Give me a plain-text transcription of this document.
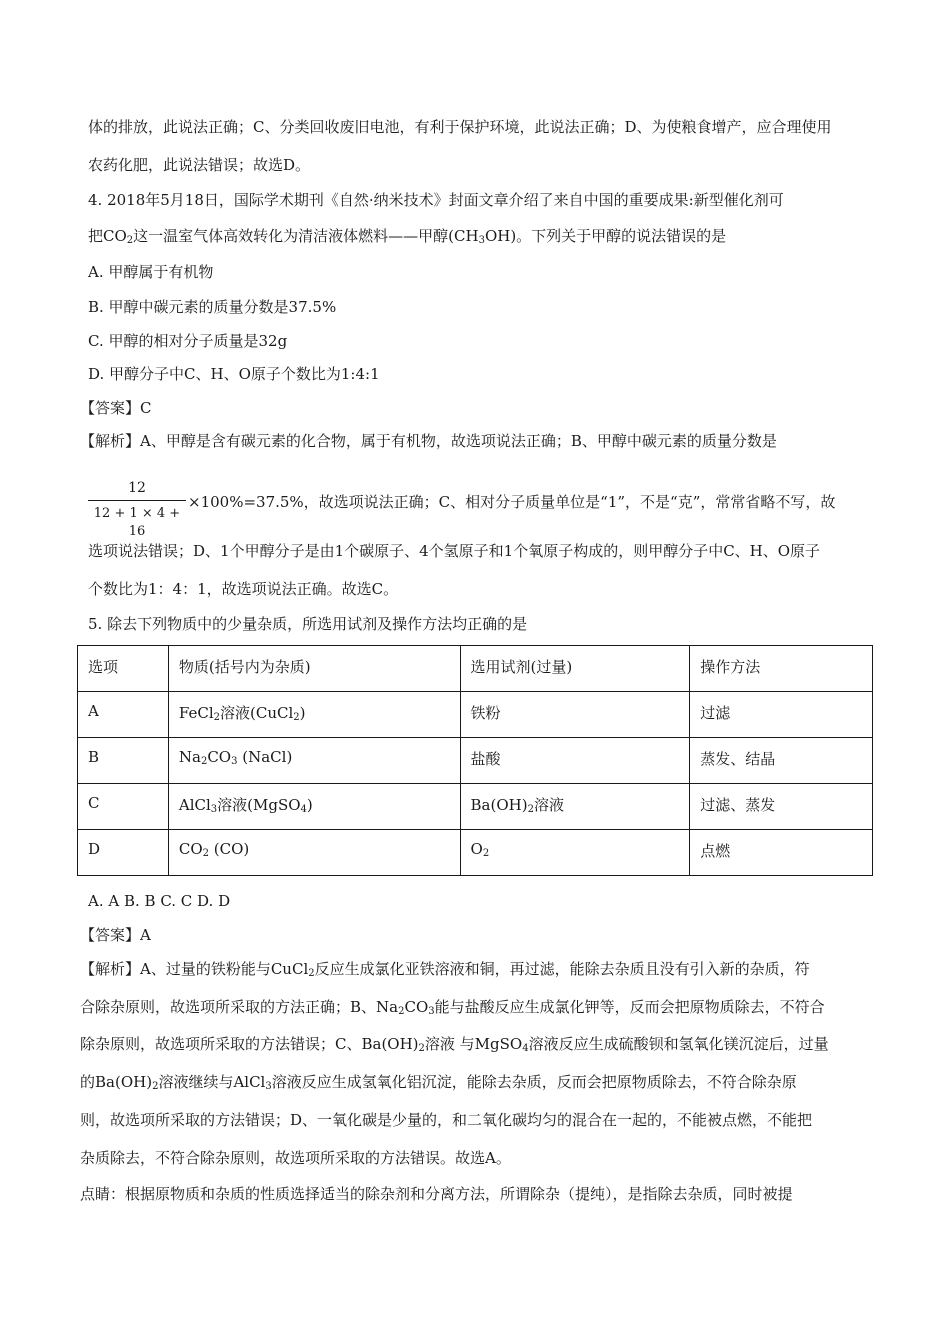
体的排放，此说法正确；C、分类回收废旧电池，有利于保护环境，此说法正确；D、为使粮食增产，应合理使用
农药化肥，此说法错误；故选D。
4. 2018年5月18日，国际学术期刊《自然·纳米技术》封面文章介绍了来自中国的重要成果:新型催化剂可
把$CO_2$这一温室气体高效转化为清洁液体燃料——甲醇$(CH_3OH)$。下列关于甲醇的说法错误的是
A. 甲醇属于有机物
B. 甲醇中碳元素的质量分数是37.5%
C. 甲醇的相对分子质量是32g
D. 甲醇分子中C、H、O原子个数比为1:4:1
【答案】C
【解析】A、甲醇是含有碳元素的化合物，属于有机物，故选项说法正确；B、甲醇中碳元素的质量分数是
12
12 + 1 × 4 + 16
×100%=37.5%，故选项说法正确；C、相对分子质量单位是“1”，不是“克”，常常省略不写，故
选项说法错误；D、1个甲醇分子是由1个碳原子、4个氢原子和1个氧原子构成的，则甲醇分子中C、H、O原子
个数比为1：4：1，故选项说法正确。故选C。
5. 除去下列物质中的少量杂质，所选用试剂及操作方法均正确的是
选项	物质(括号内为杂质)	选用试剂(过量)	操作方法
A	FeCl$_2$溶液(CuCl$_2$)	铁粉	过滤
B	$Na_2CO_3$ (NaCl)	盐酸	蒸发、结晶
C	AlCl$_3$溶液(MgSO$_4$)	$Ba(OH)_2$溶液	过滤、蒸发
D	$CO_2$ (CO)	$O_2$	点燃
A. A B. B C. C D. D
【答案】A
【解析】A、过量的铁粉能与CuCl$_2$反应生成氯化亚铁溶液和铜，再过滤，能除去杂质且没有引入新的杂质，符
合除杂原则，故选项所采取的方法正确；B、$Na_2CO_3$能与盐酸反应生成氯化钾等，反而会把原物质除去，不符合
除杂原则，故选项所采取的方法错误；C、$Ba(OH)_2$溶液 与MgSO$_4$溶液反应生成硫酸钡和氢氧化镁沉淀后，过量
的$Ba(OH)_2$溶液继续与AlCl$_3$溶液反应生成氢氧化铝沉淀，能除去杂质，反而会把原物质除去，不符合除杂原
则，故选项所采取的方法错误；D、一氧化碳是少量的，和二氧化碳均匀的混合在一起的，不能被点燃，不能把
杂质除去，不符合除杂原则，故选项所采取的方法错误。故选A。
点睛：根据原物质和杂质的性质选择适当的除杂剂和分离方法，所谓除杂（提纯），是指除去杂质，同时被提
